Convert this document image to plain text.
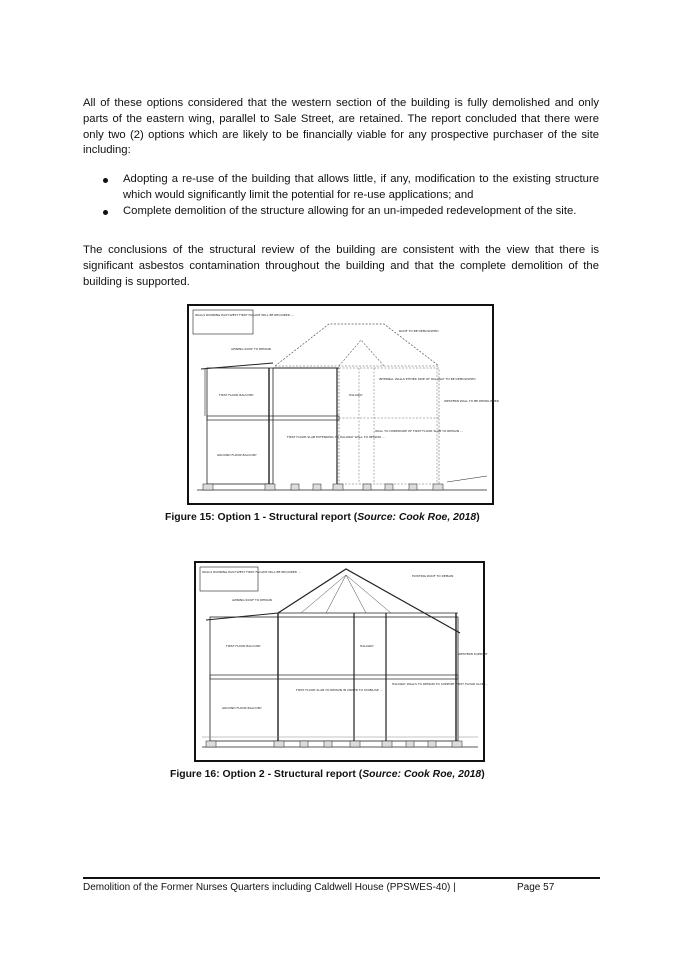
All of these options considered that the western section of the building is fully demolished and only parts of the eastern wing, parallel to Sale Street, are retained. The report concluded that there were only two (2) options which are likely to be financially viable for any prospective purchaser of the site including:

Adopting a re-use of the building that allows little, if any, modification to the existing structure which would significantly limit the potential for re-use applications; and
Complete demolition of the structure allowing for an un-impeded redevelopment of the site.

The conclusions of the structural review of the building are consistent with the view that there is significant asbestos contamination throughout the building and that the complete demolition of the building is supported.

WALLS RUNNING EAST-WEST FIRST FACADE WILL BE REQUIRED ...
AWNING ROOF TO REMAIN
ROOF TO BE DEMOLISHED
INTERNAL WALLS EITHER SIDE OF HALLWAY TO BE DEMOLISHED
WESTERN WALL TO BE DEMOLISHED
FIRST FLOOR BALCONY
GROUND FLOOR BALCONY
HALLWAY
FIRST FLOOR SLAB EXTENDING TO HALLWAY WALL TO REMAIN ...
WALL TO UNDERSIDE OF FIRST FLOOR SLAB TO REMAIN ...
Figure 15: Option 1 - Structural report (Source: Cook Roe, 2018)
WALLS RUNNING EAST-WEST FIRST FACADE WILL BE REQUIRED ...
AWNING ROOF TO REMAIN
EXISTING ROOF TO REMAIN
WESTERN SUPPORT
FIRST FLOOR BALCONY
GROUND FLOOR BALCONY
HALLWAY
FIRST FLOOR SLAB TO REMAIN IN ORDER TO STABILISE ...
HALLWAY WALLS TO REMAIN TO SUPPORT FIRST FLOOR SLAB ...
Figure 16: Option 2 - Structural report (Source: Cook Roe, 2018)
Demolition of the Former Nurses Quarters including Caldwell House (PPSWES-40) |	Page 57
